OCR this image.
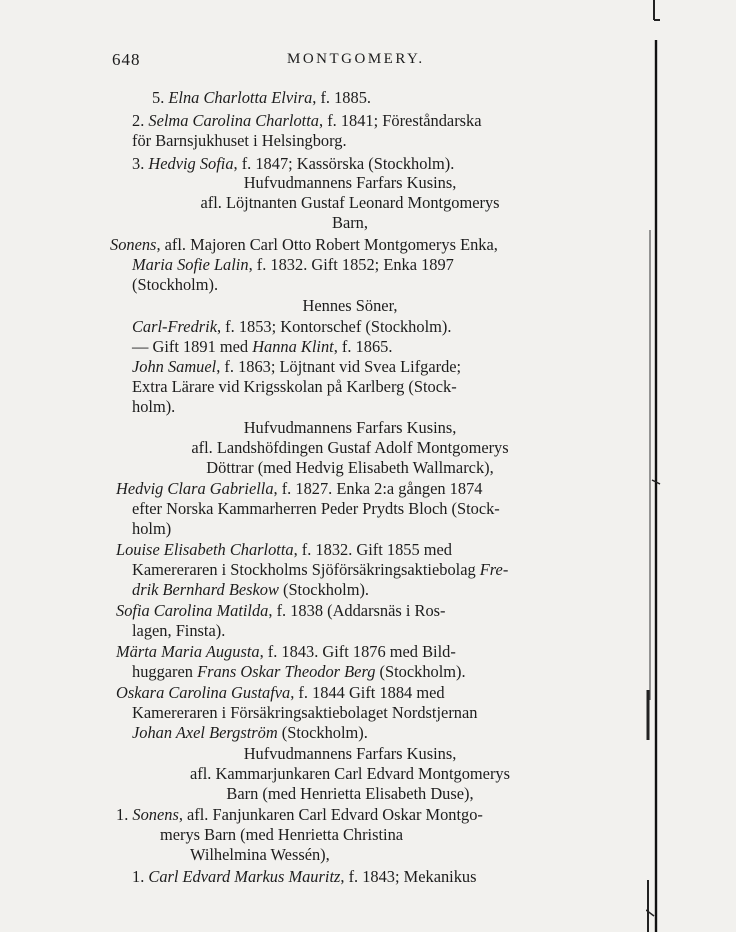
648	MONTGOMERY.
5. Elna Charlotta Elvira, f. 1885.
2. Selma Carolina Charlotta, f. 1841; Föreståndarska
för Barnsjukhuset i Helsingborg.
3. Hedvig Sofia, f. 1847; Kassörska (Stockholm).
Hufvudmannens Farfars Kusins,
afl. Löjtnanten Gustaf Leonard Montgomerys
Barn,
Sonens, afl. Majoren Carl Otto Robert Montgomerys Enka,
Maria Sofie Lalin, f. 1832. Gift 1852; Enka 1897
(Stockholm).
Hennes Söner,
Carl-Fredrik, f. 1853; Kontorschef (Stockholm).
— Gift 1891 med Hanna Klint, f. 1865.
John Samuel, f. 1863; Löjtnant vid Svea Lifgarde;
Extra Lärare vid Krigsskolan på Karlberg (Stock-
holm).
Hufvudmannens Farfars Kusins,
afl. Landshöfdingen Gustaf Adolf Montgomerys
Döttrar (med Hedvig Elisabeth Wallmarck),
Hedvig Clara Gabriella, f. 1827. Enka 2:a gången 1874
efter Norska Kammarherren Peder Prydts Bloch (Stock-
holm)
Louise Elisabeth Charlotta, f. 1832. Gift 1855 med
Kamereraren i Stockholms Sjöförsäkringsaktiebolag Fre-
drik Bernhard Beskow (Stockholm).
Sofia Carolina Matilda, f. 1838 (Addarsnäs i Ros-
lagen, Finsta).
Märta Maria Augusta, f. 1843. Gift 1876 med Bild-
huggaren Frans Oskar Theodor Berg (Stockholm).
Oskara Carolina Gustafva, f. 1844 Gift 1884 med
Kamereraren i Försäkringsaktiebolaget Nordstjernan
Johan Axel Bergström (Stockholm).
Hufvudmannens Farfars Kusins,
afl. Kammarjunkaren Carl Edvard Montgomerys
Barn (med Henrietta Elisabeth Duse),
1. Sonens, afl. Fanjunkaren Carl Edvard Oskar Montgo-
merys Barn (med Henrietta Christina
Wilhelmina Wessén),
1. Carl Edvard Markus Mauritz, f. 1843; Mekanikus
